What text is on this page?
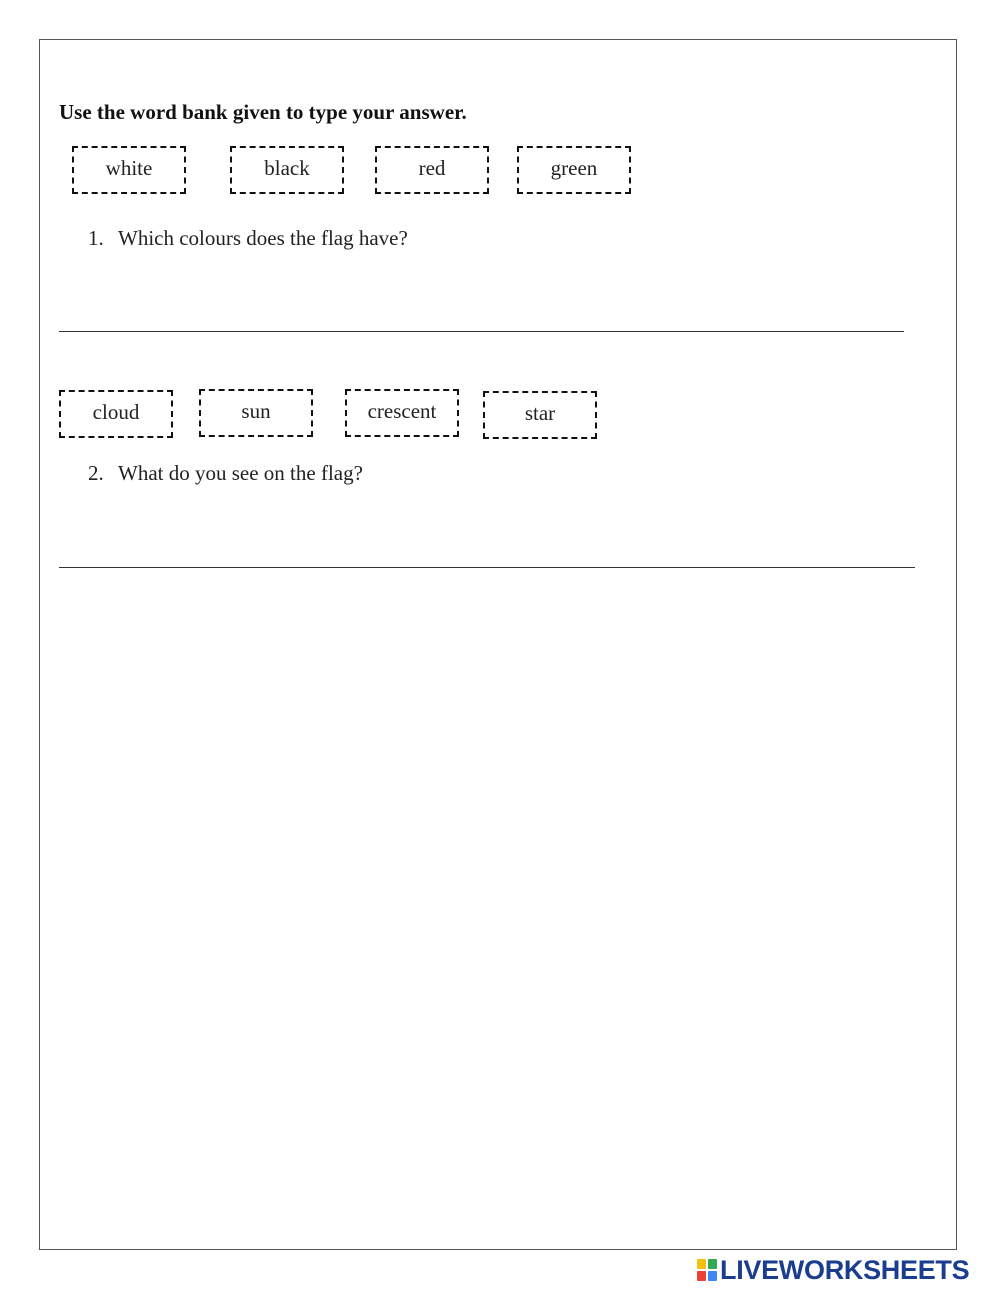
Use the word bank given to type your answer.
white	black	red	green
1. Which colours does the flag have?
cloud	sun	crescent	star
2. What do you see on the flag?
LIVEWORKSHEETS
